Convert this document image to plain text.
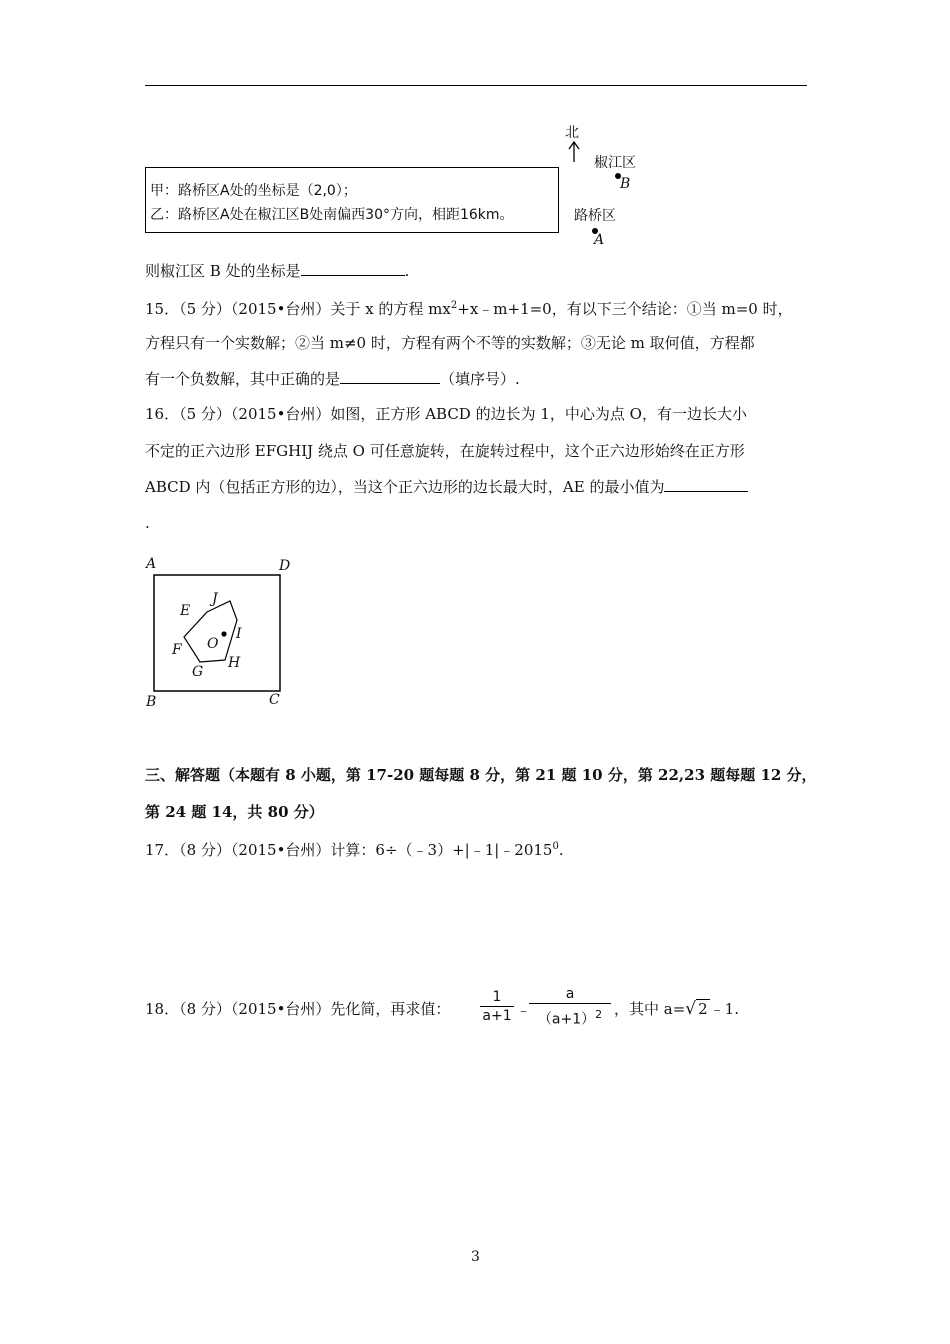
甲：路桥区A处的坐标是（2,0）；
乙：路桥区A处在椒江区B处南偏西30°方向，相距16km。
北
椒江区
B
路桥区
A
则椒江区 B 处的坐标是	.
15．（5 分）（2015•台州）关于 x 的方程 $mx^2+x﹣m+1=0$，有以下三个结论：①当 m=0 时，
方程只有一个实数解；②当 m≠0 时，方程有两个不等的实数解；③无论 m 取何值，方程都
有一个负数解，其中正确的是	（填序号）.
16．（5 分）（2015•台州）如图，正方形 ABCD 的边长为 1，中心为点 O，有一边长大小
不定的正六边形 EFGHIJ 绕点 O 可任意旋转，在旋转过程中，这个正六边形始终在正方形
ABCD 内（包括正方形的边），当这个正六边形的边长最大时，AE 的最小值为
.
A	D
B	C
J
E
I
O
F
H
G
三、解答题（本题有 8 小题，第 17-20 题每题 8 分，第 21 题 10 分，第 22,23 题每题 12 分，
第 24 题 14，共 80 分）
17．（8 分）（2015•台州）计算：$6\div(﹣3)+|﹣1|﹣2015^0$.
18．（8 分）（2015•台州）先化简，再求值： $\frac{1}{a+1}$ ﹣
$\frac{a}{(a+1)^2}$ ，其中 a=√ 2 ﹣1.
3
